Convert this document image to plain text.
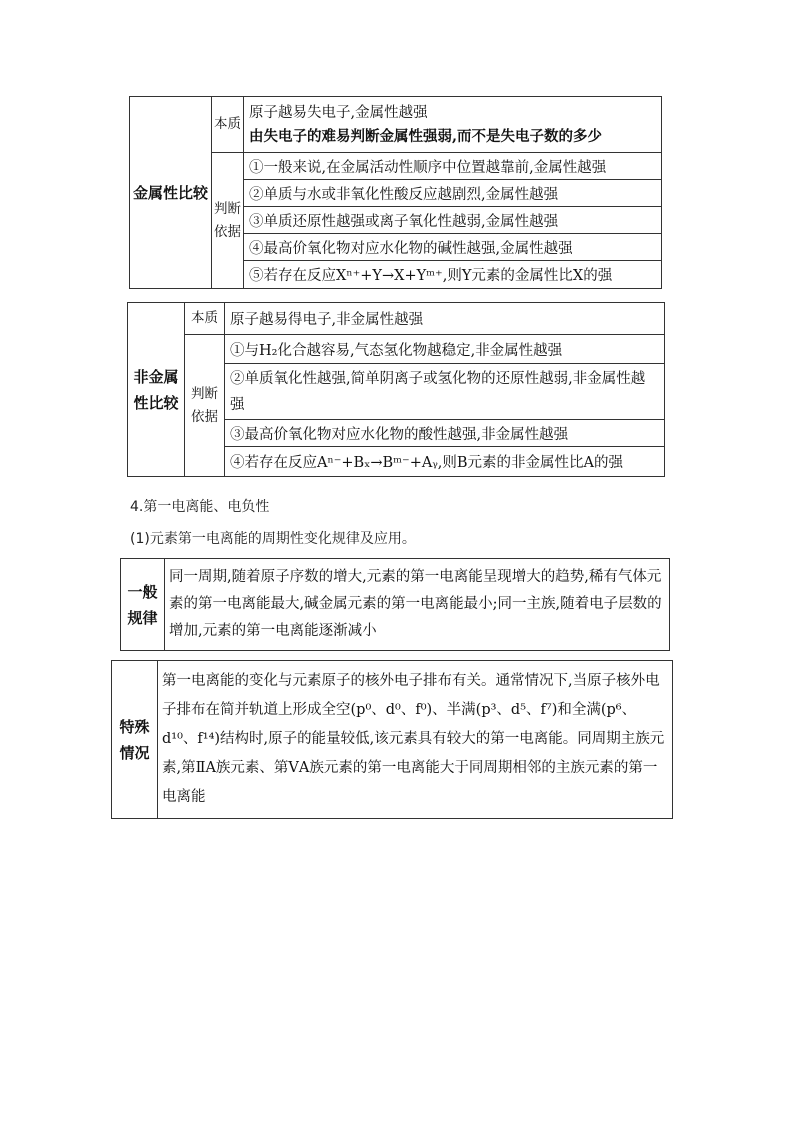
金属性比较	本质	原子越易失电子,金属性越强
由失电子的难易判断金属性强弱,而不是失电子数的多少

	判断依据	①一般来说,在金属活动性顺序中位置越靠前,金属性越强
		②单质与水或非氧化性酸反应越剧烈,金属性越强
		③单质还原性越强或离子氧化性越弱,金属性越强
		④最高价氧化物对应水化物的碱性越强,金属性越强
		⑤若存在反应Xⁿ⁺+Y→X+Yᵐ⁺,则Y元素的金属性比X的强
非金属性比较	本质	原子越易得电子,非金属性越强
	判断依据	①与H₂化合越容易,气态氢化物越稳定,非金属性越强
		②单质氧化性越强,简单阴离子或氢化物的还原性越弱,非金属性越强
		③最高价氧化物对应水化物的酸性越强,非金属性越强
		④若存在反应Aⁿ⁻+Bₓ→Bᵐ⁻+Aᵧ,则B元素的非金属性比A的强
4.第一电离能、电负性
(1)元素第一电离能的周期性变化规律及应用。
一般规律	同一周期,随着原子序数的增大,元素的第一电离能呈现增大的趋势,稀有气体元素的第一电离能最大,碱金属元素的第一电离能最小;同一主族,随着电子层数的增加,元素的第一电离能逐渐减小
特殊情况	第一电离能的变化与元素原子的核外电子排布有关。通常情况下,当原子核外电子排布在简并轨道上形成全空(p⁰、d⁰、f⁰)、半满(p³、d⁵、f⁷)和全满(p⁶、d¹⁰、f¹⁴)结构时,原子的能量较低,该元素具有较大的第一电离能。同周期主族元素,第ⅡA族元素、第ⅤA族元素的第一电离能大于同周期相邻的主族元素的第一电离能
